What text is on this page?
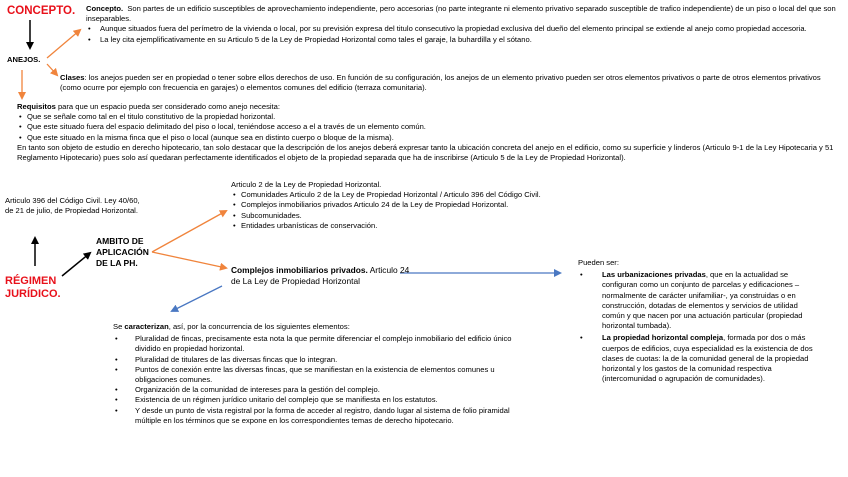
CONCEPTO. Concepto. Son partes de un edificio susceptibles de aprovechamiento independiente, pero accesorias (no parte integrante ni elemento privativo separado susceptible de trafico independiente) de un piso o local del que son inseparables.

• Aunque situados fuera del perímetro de la vivienda o local, por su previsión expresa del titulo consecutivo la propiedad exclusiva del dueño del elemento principal se extiende al anejo como propiedad accesoria.
• La ley cita ejemplificativamente en su Articulo 5 de la Ley de Propiedad Horizontal como tales el garaje, la buhardilla y el sótano.
ANEJOS.
Clases: los anejos pueden ser en propiedad o tener sobre ellos derechos de uso. En función de su configuración, los anejos de un elemento privativo pueden ser otros elementos privativos o parte de otros elementos privativos (como ocurre por ejemplo con frecuencia en garajes) o elementos comunes del edificio (terraza comunitaria).

Requisitos para que un espacio pueda ser considerado como anejo necesita:

• Que se señale como tal en el titulo constitutivo de la propiedad horizontal.
• Que este situado fuera del espacio delimitado del piso o local, teniéndose acceso a el a través de un elemento común.
• Que este situado en la misma finca que el piso o local (aunque sea en distinto cuerpo o bloque de la misma).

En tanto son objeto de estudio en derecho hipotecario, tan solo destacar que la descripción de los anejos deberá expresar tanto la ubicación concreta del anejo en el edificio, como su superficie y linderos (Articulo 9-1 de la Ley Hipotecaria y 51 Reglamento Hipotecario) pues solo así quedaran perfectamente identificados el objeto de la propiedad separada que ha de inscribirse (Articulo 5 de la Ley de Propiedad Horizontal).

Articulo 396 del Código Civil. Ley 40/60, de 21 de julio, de Propiedad Horizontal.
RÉGIMEN
JURÍDICO.
AMBITO DE
APLICACIÓN
DE LA PH.

Articulo 2 de la Ley de Propiedad Horizontal.

• Comunidades Articulo 2 de la Ley de Propiedad Horizontal / Articulo 396 del Código Civil.
• Complejos inmobiliarios privados Articulo 24 de la Ley de Propiedad Horizontal.
• Subcomunidades.
• Entidades urbanísticas de conservación.
Complejos inmobiliarios privados. Articulo 24 de La Ley de Propiedad Horizontal

Se caracterizan, así, por la concurrencia de los siguientes elementos:

• Pluralidad de fincas, precisamente esta nota la que permite diferenciar el complejo inmobiliario del edificio único dividido en propiedad horizontal.
• Pluralidad de titulares de las diversas fincas que lo integran.
• Puntos de conexión entre las diversas fincas, que se manifiestan en la existencia de elementos comunes u obligaciones comunes.
• Organización de la comunidad de intereses para la gestión del complejo.
• Existencia de un régimen jurídico unitario del complejo que se manifiesta en los estatutos.
• Y desde un punto de vista registral por la forma de acceder al registro, dando lugar al sistema de folio piramidal múltiple en los términos que se expone en los correspondientes temas de derecho hipotecario.

Pueden ser:

• Las urbanizaciones privadas, que en la actualidad se configuran como un conjunto de parcelas y edificaciones – normalmente de carácter unifamiliar-, ya construidas o en construcción, dotadas de elementos y servicios de utilidad común y que nacen por una actuación particular (propiedad horizontal tumbada).
• La propiedad horizontal compleja, formada por dos o más cuerpos de edificios, cuya especialidad es la existencia de dos clases de cuotas: la de la comunidad general de la propiedad horizontal y los gastos de la comunidad respectiva (intercomunidad o agrupación de comunidades).
